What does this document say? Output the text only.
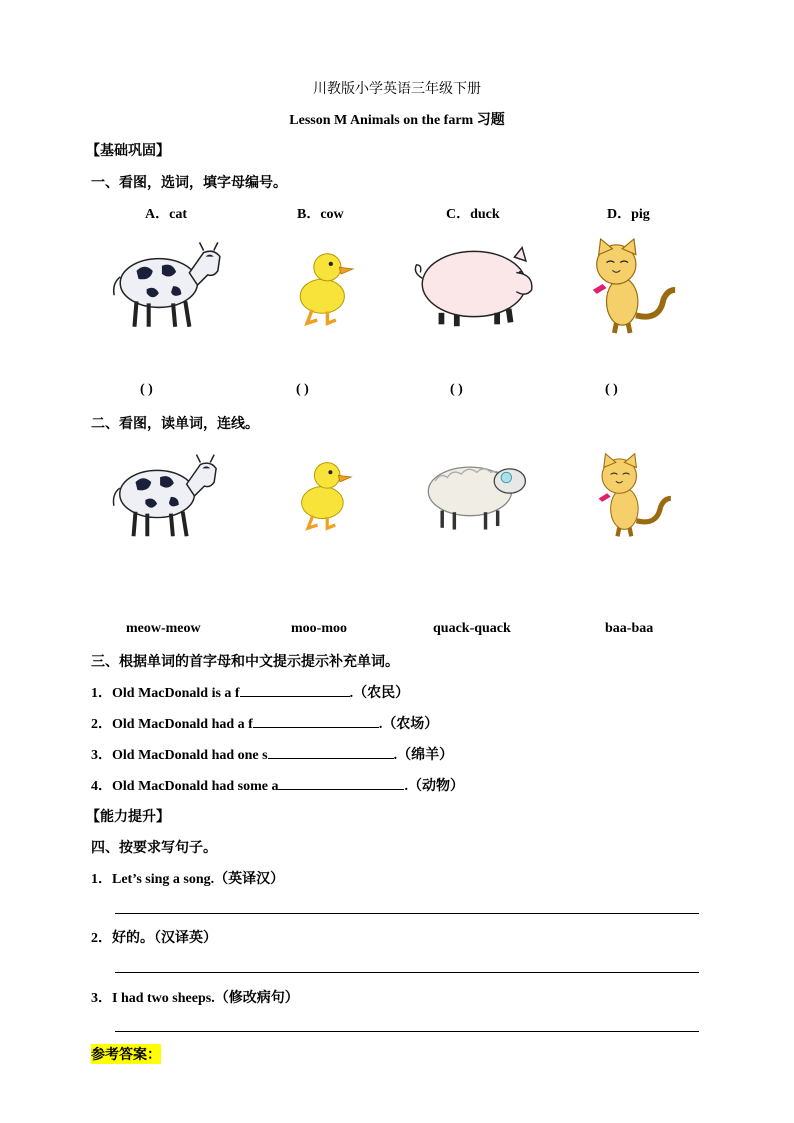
川教版小学英语三年级下册
Lesson M Animals on the farm 习题
【基础巩固】
一、看图，选词，填字母编号。
A．cat	B．cow	C．duck	D．pig
( )	( )	( )	( )
二、看图，读单词，连线。
meow-meow	moo-moo	quack-quack	baa-baa
三、根据单词的首字母和中文提示提示补充单词。
1．Old MacDonald is a f	.（农民）
2．Old MacDonald had a f	.（农场）
3．Old MacDonald had one s	.（绵羊）
4．Old MacDonald had some a	.（动物）
【能力提升】
四、按要求写句子。
1．Let’s sing a song.（英译汉）
2．好的。（汉译英）
3．I had two sheeps.（修改病句）
参考答案：
